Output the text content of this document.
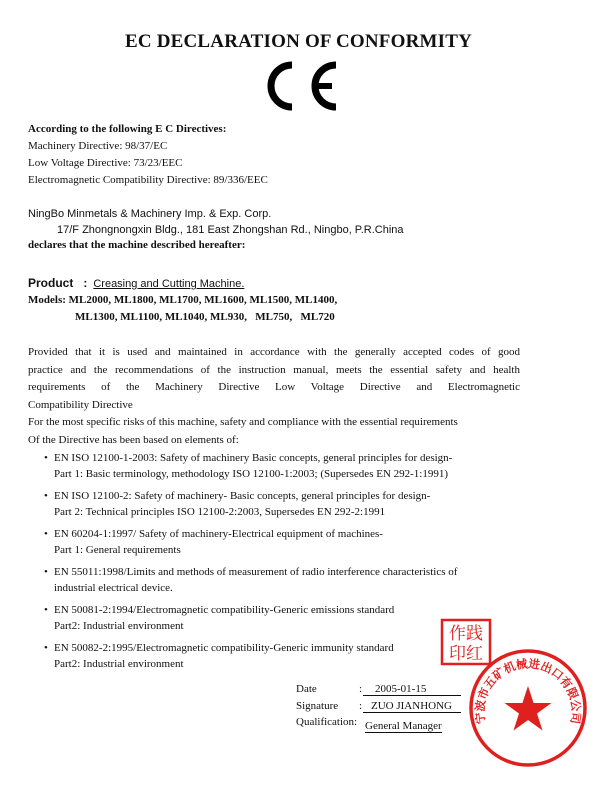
EC DECLARATION OF CONFORMITY
According to the following E C Directives:
Machinery Directive: 98/37/EC
Low Voltage Directive: 73/23/EEC
Electromagnetic Compatibility Directive: 89/336/EEC
NingBo Minmetals & Machinery Imp. & Exp. Corp.
17/F Zhongnongxin Bldg., 181 East Zhongshan Rd., Ningbo, P.R.China
declares that the machine described hereafter:
Product : Creasing and Cutting Machine.
Models: ML2000, ML1800, ML1700, ML1600, ML1500, ML1400,
ML1300, ML1100, ML1040, ML930,   ML750,   ML720
Provided that it is used and maintained in accordance with the generally accepted codes of good
practice and the recommendations of the instruction manual, meets the essential safety and health
requirements of the Machinery Directive Low Voltage Directive and Electromagnetic
Compatibility Directive
For the most specific risks of this machine, safety and compliance with the essential requirements
Of the Directive has been based on elements of:
• EN ISO 12100-1-2003: Safety of machinery Basic concepts, general principles for design-
Part 1: Basic terminology, methodology ISO 12100-1:2003; (Supersedes EN 292-1:1991)
• EN ISO 12100-2: Safety of machinery- Basic concepts, general principles for design-
Part 2: Technical principles ISO 12100-2:2003, Supersedes EN 292-2:1991
• EN 60204-1:1997/ Safety of machinery-Electrical equipment of machines-
Part 1: General requirements
• EN 55011:1998/Limits and methods of measurement of radio interference characteristics of
industrial electrical device.
• EN 50081-2:1994/Electromagnetic compatibility-Generic emissions standard
Part2: Industrial environment
• EN 50082-2:1995/Electromagnetic compatibility-Generic immunity standard
Part2: Industrial environment
作践
印红
宁波市五矿机械进出口有限公司
Date	:	2005-01-15
Signature : ZUO JIANHONG
Qualification: General Manager
